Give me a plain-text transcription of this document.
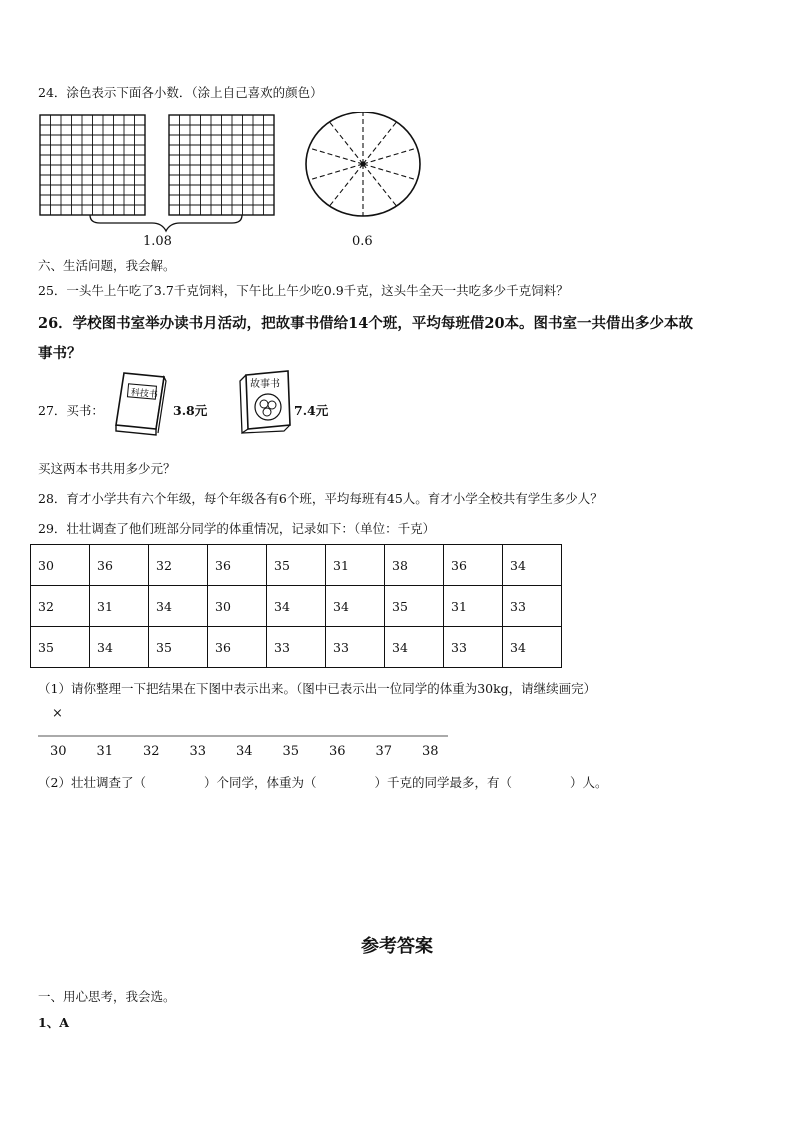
24．涂色表示下面各小数．（涂上自己喜欢的颜色）
1.08	0.6
六、生活问题，我会解。
25．一头牛上午吃了3.7千克饲料，下午比上午少吃0.9千克，这头牛全天一共吃多少千克饲料？
26．学校图书室举办读书月活动，把故事书借给14个班，平均每班借20本。图书室一共借出多少本故
事书？
27．买书：
科技书
3.8元
故事书
7.4元
买这两本书共用多少元？
28．育才小学共有六个年级，每个年级各有6个班，平均每班有45人。育才小学全校共有学生多少人？
29．壮壮调查了他们班部分同学的体重情况，记录如下：（单位：千克）
30	36	32	36	35	31	38	36	34
32	31	34	30	34	34	35	31	33
35	34	35	36	33	33	34	33	34
（1）请你整理一下把结果在下图中表示出来。（图中已表示出一位同学的体重为30kg，请继续画完）
×
30 31 32 33 34 35 36 37 38
（2）壮壮调查了（	）个同学，体重为（	）千克的同学最多，有（	）人。
参考答案
一、用心思考，我会选。
1、A
